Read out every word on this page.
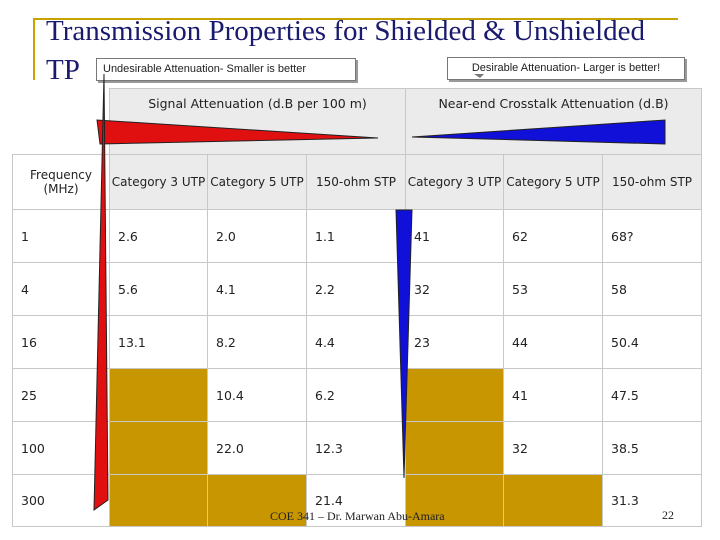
Transmission Properties for Shielded & Unshielded
TP	Undesirable Attenuation- Smaller is better	Desirable Attenuation- Larger is better!
	Signal Attenuation (d.B per 100 m)			Near-end Crosstalk Attenuation (d.B)		
Frequency (MHz)	Category 3 UTP	Category 5 UTP	150-ohm STP	Category 3 UTP	Category 5 UTP	150-ohm STP
1	2.6	2.0	1.1	41	62	68?
4	5.6	4.1	2.2	32	53	58
16	13.1	8.2	4.4	23	44	50.4
25		10.4	6.2		41	47.5
100		22.0	12.3		32	38.5
300			21.4			31.3
COE 341 – Dr. Marwan Abu-Amara	22
